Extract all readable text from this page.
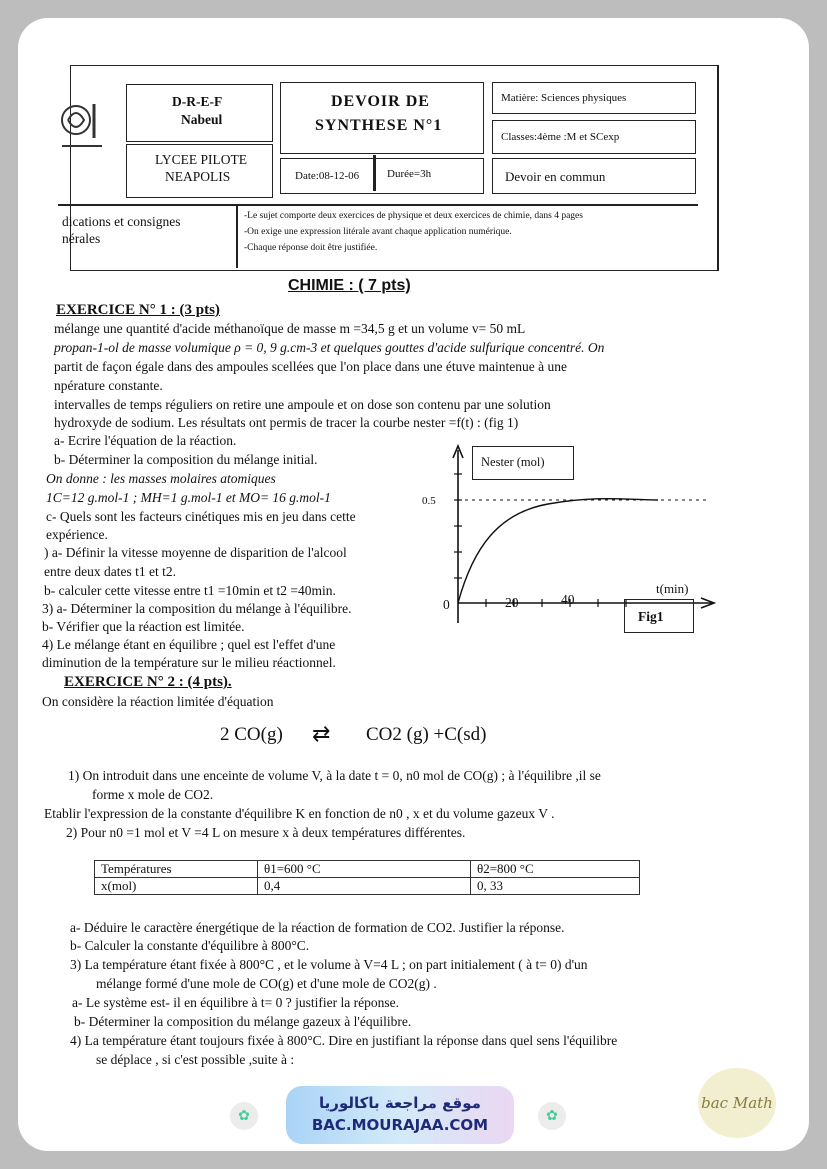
D-R-E-F
Nabeul
LYCEE PILOTE
NEAPOLIS
DEVOIR DE
SYNTHESE N°1
Date:08-12-06	Durée=3h
Matière: Sciences physiques
Classes:4ème :M et SCexp
Devoir en commun
dications et consignes
nérales
-Le sujet comporte deux exercices de physique et deux exercices de chimie, dans 4 pages
-On exige une expression litérale avant chaque application numérique.
-Chaque réponse doit être justifiée.
CHIMIE : ( 7 pts)
EXERCICE N° 1 : (3 pts)
mélange une quantité d'acide méthanoïque de masse m =34,5 g et un volume v= 50 mL
propan-1-ol de masse volumique ρ = 0, 9 g.cm-3 et quelques gouttes d'acide sulfurique concentré. On
partit de façon égale dans des ampoules scellées que l'on place dans une étuve maintenue à une
npérature constante.
intervalles de temps réguliers on retire une ampoule et on dose son contenu par une solution
hydroxyde de sodium. Les résultats ont permis de tracer la courbe nester =f(t) : (fig 1)
a- Ecrire l'équation de la réaction.
b- Déterminer la composition du mélange initial.
On donne : les masses molaires atomiques
1C=12 g.mol-1 ; MH=1 g.mol-1 et MO= 16 g.mol-1
c- Quels sont les facteurs cinétiques mis en jeu dans cette
expérience.
) a- Définir la vitesse moyenne de disparition de l'alcool
entre deux dates t1 et t2.
b- calculer cette vitesse entre t1 =10min et t2 =40min.
3) a- Déterminer la composition du mélange à l'équilibre.
b- Vérifier que la réaction est limitée.
4) Le mélange étant en équilibre ; quel est l'effet d'une
diminution de la température sur le milieu réactionnel.
Nester (mol)
0.5
t(min)
0	20	40
Fig1
EXERCICE N° 2 : (4 pts).
On considère la réaction limitée d'équation
2 CO(g) ⇄ CO2 (g) +C(sd)
1) On introduit dans une enceinte de volume V, à la date t = 0, n0 mol de CO(g) ; à l'équilibre ,il se
forme x mole de CO2.
Etablir l'expression de la constante d'équilibre K en fonction de n0 , x et du volume gazeux V .
2) Pour n0 =1 mol et V =4 L on mesure x à deux températures différentes.
Températures	θ1=600 °C	θ2=800 °C
x(mol)	0,4	0, 33
a- Déduire le caractère énergétique de la réaction de formation de CO2. Justifier la réponse.
b- Calculer la constante d'équilibre à 800°C.
3) La température étant fixée à 800°C , et le volume à V=4 L ; on part initialement ( à t= 0) d'un
mélange formé d'une mole de CO(g) et d'une mole de CO2(g) .
a- Le système est- il en équilibre à t= 0 ? justifier la réponse.
b- Déterminer la composition du mélange gazeux à l'équilibre.
4) La température étant toujours fixée à 800°C. Dire en justifiant la réponse dans quel sens l'équilibre
se déplace , si c'est possible ,suite à :
✿
موقع مراجعة باكالوريا
BAC.MOURAJAA.COM	✿
bac Math
